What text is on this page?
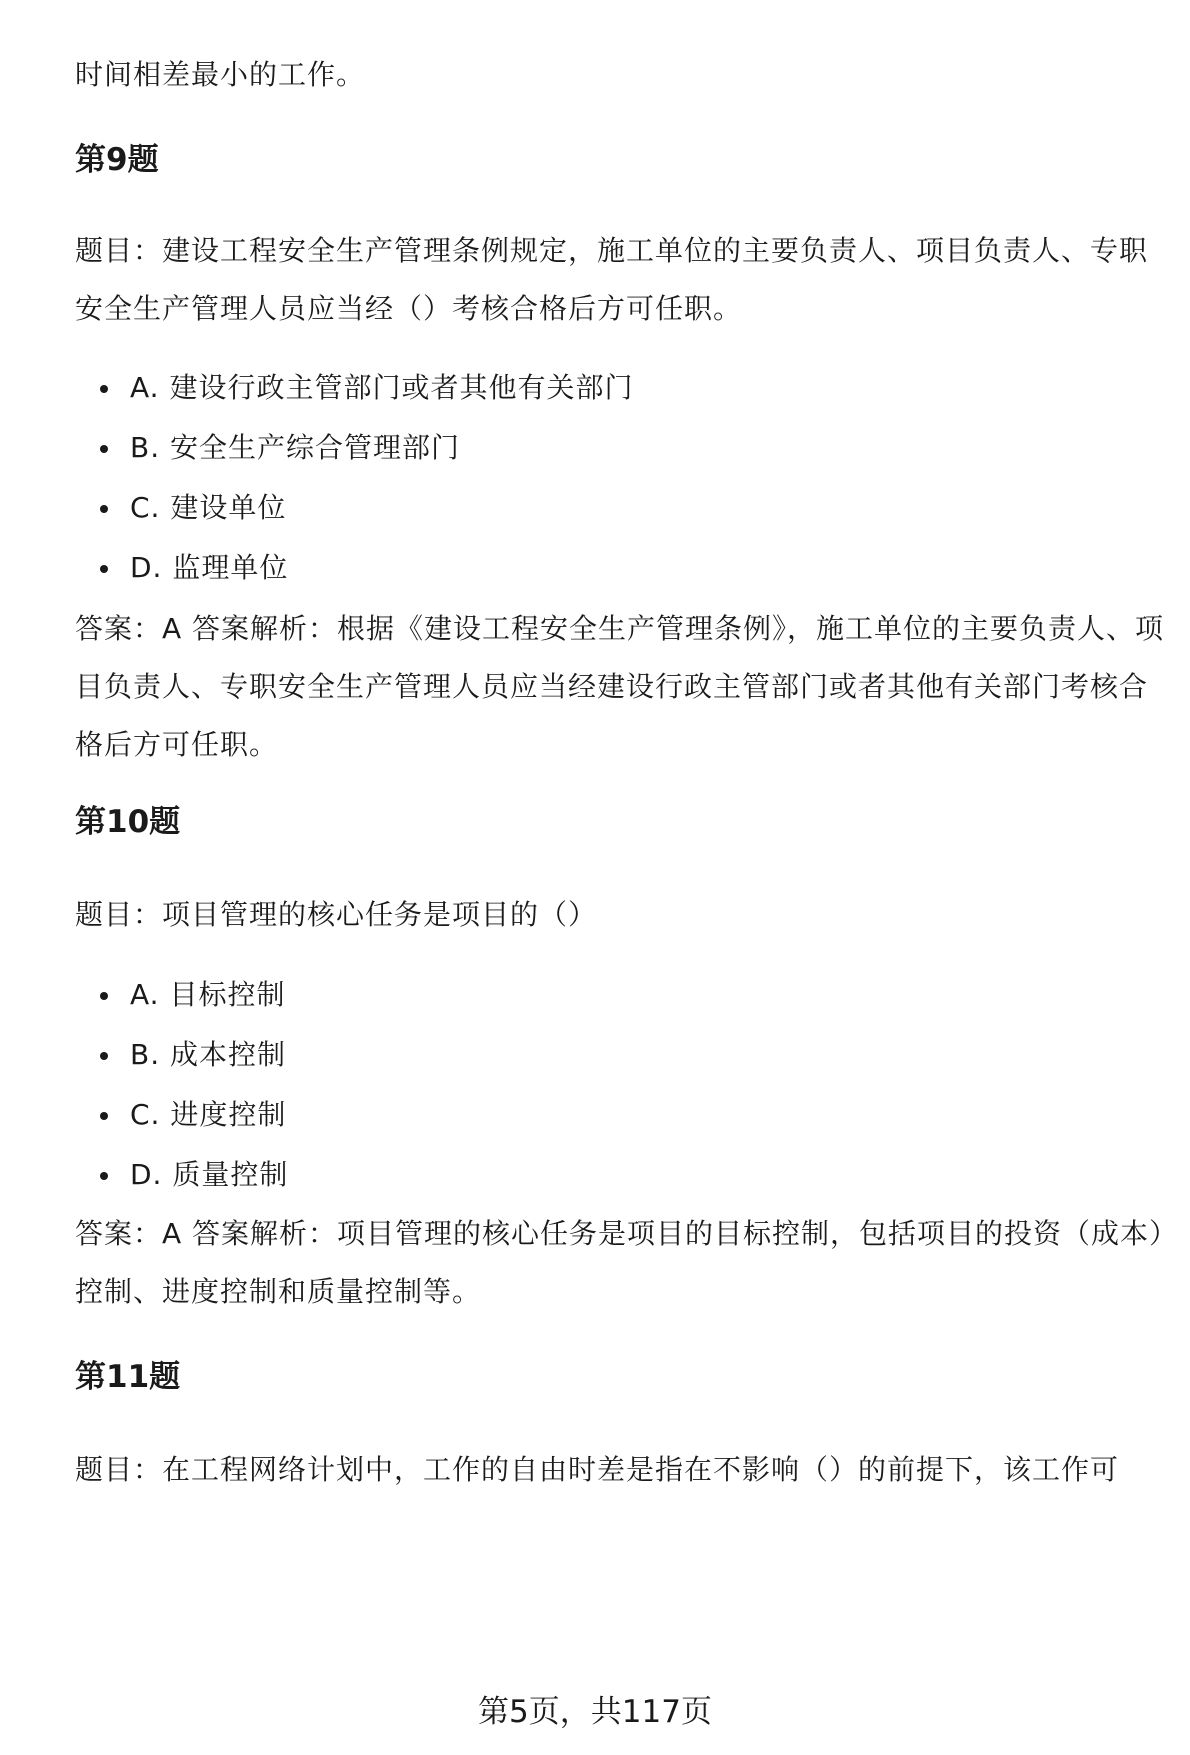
时间相差最小的工作。

第9题

题目：建设工程安全生产管理条例规定，施工单位的主要负责人、项目负责人、专职安全生产管理人员应当经（）考核合格后方可任职。

A. 建设行政主管部门或者其他有关部门
B. 安全生产综合管理部门
C. 建设单位
D. 监理单位

答案：A 答案解析：根据《建设工程安全生产管理条例》，施工单位的主要负责人、项目负责人、专职安全生产管理人员应当经建设行政主管部门或者其他有关部门考核合格后方可任职。

第10题

题目：项目管理的核心任务是项目的（）

A. 目标控制
B. 成本控制
C. 进度控制
D. 质量控制

答案：A 答案解析：项目管理的核心任务是项目的目标控制，包括项目的投资（成本）控制、进度控制和质量控制等。

第11题

题目：在工程网络计划中，工作的自由时差是指在不影响（）的前提下，该工作可

第5页，共117页
